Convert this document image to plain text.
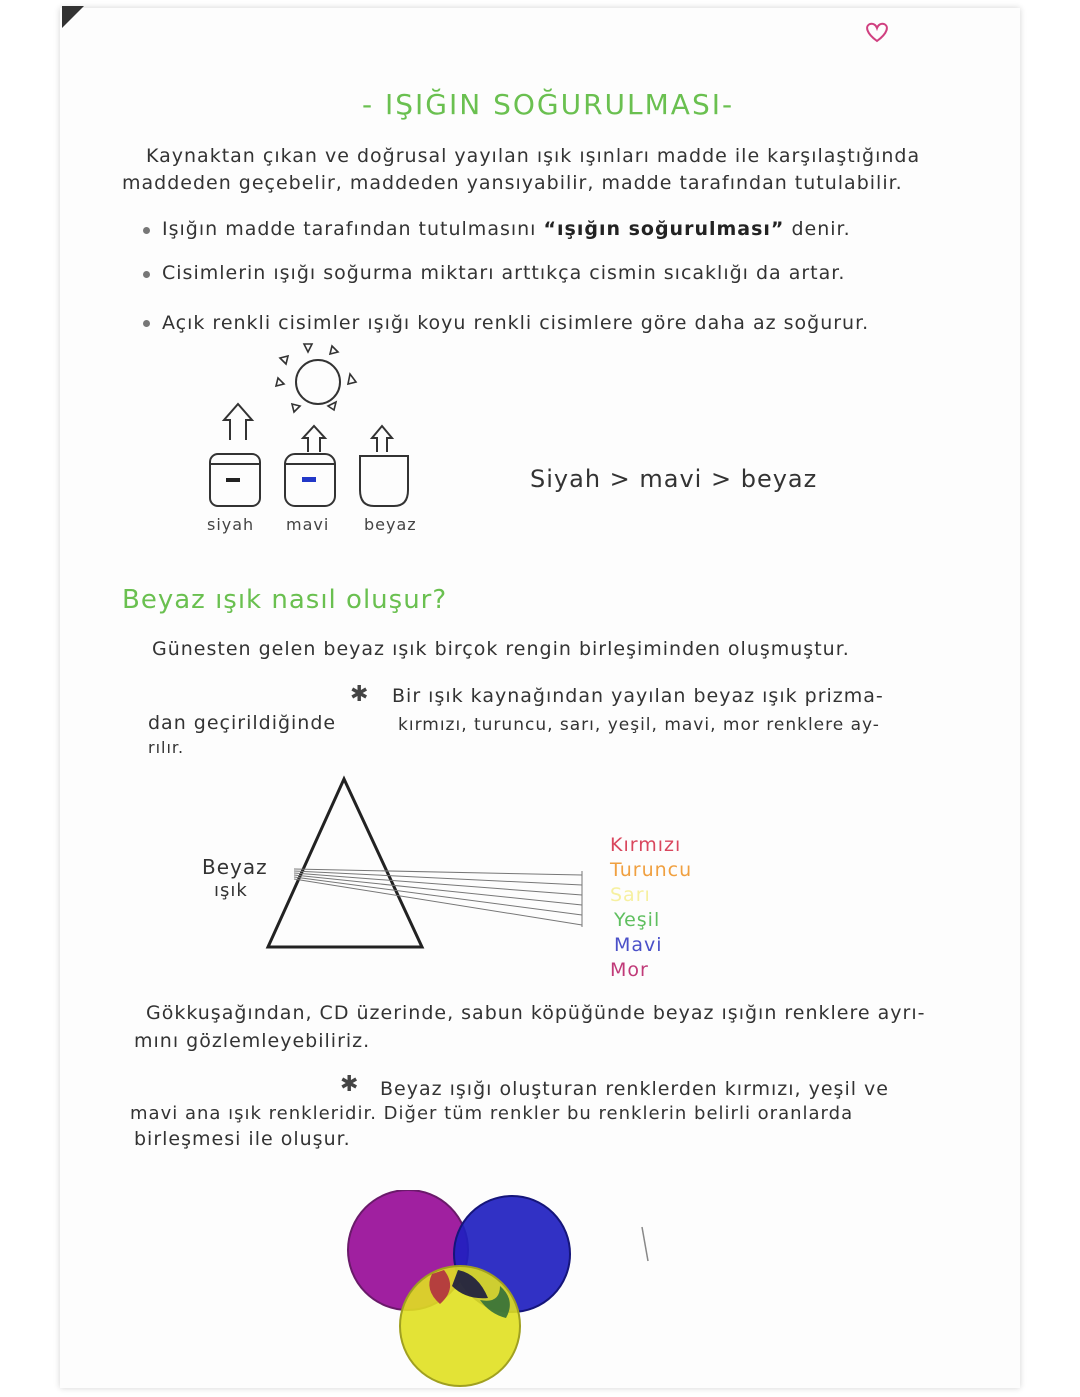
- IŞIĞIN SOĞURULMASI-
Kaynaktan çıkan ve doğrusal yayılan ışık ışınları madde ile karşılaştığında
maddeden geçebelir, maddeden yansıyabilir, madde tarafından tutulabilir.
Işığın madde tarafından tutulmasını “ışığın soğurulması” denir.
Cisimlerin ışığı soğurma miktarı arttıkça cismin sıcaklığı da artar.
Açık renkli cisimler ışığı koyu renkli cisimlere göre daha az soğurur.
siyah mavi beyaz
Siyah > mavi > beyaz
Beyaz ışık nasıl oluşur?
Günesten gelen beyaz ışık birçok rengin birleşiminden oluşmuştur.
✱ Bir ışık kaynağından yayılan beyaz ışık prizma-
dan geçirildiğinde	kırmızı, turuncu, sarı, yeşil, mavi, mor renklere ay-
rılır.
Beyaz
ışık
Kırmızı
Turuncu
Sarı
Yeşil
Mavi
Mor
Gökkuşağından, CD üzerinde, sabun köpüğünde beyaz ışığın renklere ayrı-
mını gözlemleyebiliriz.
✱ Beyaz ışığı oluşturan renklerden kırmızı, yeşil ve
mavi ana ışık renkleridir. Diğer tüm renkler bu renklerin belirli oranlarda
birleşmesi ile oluşur.
